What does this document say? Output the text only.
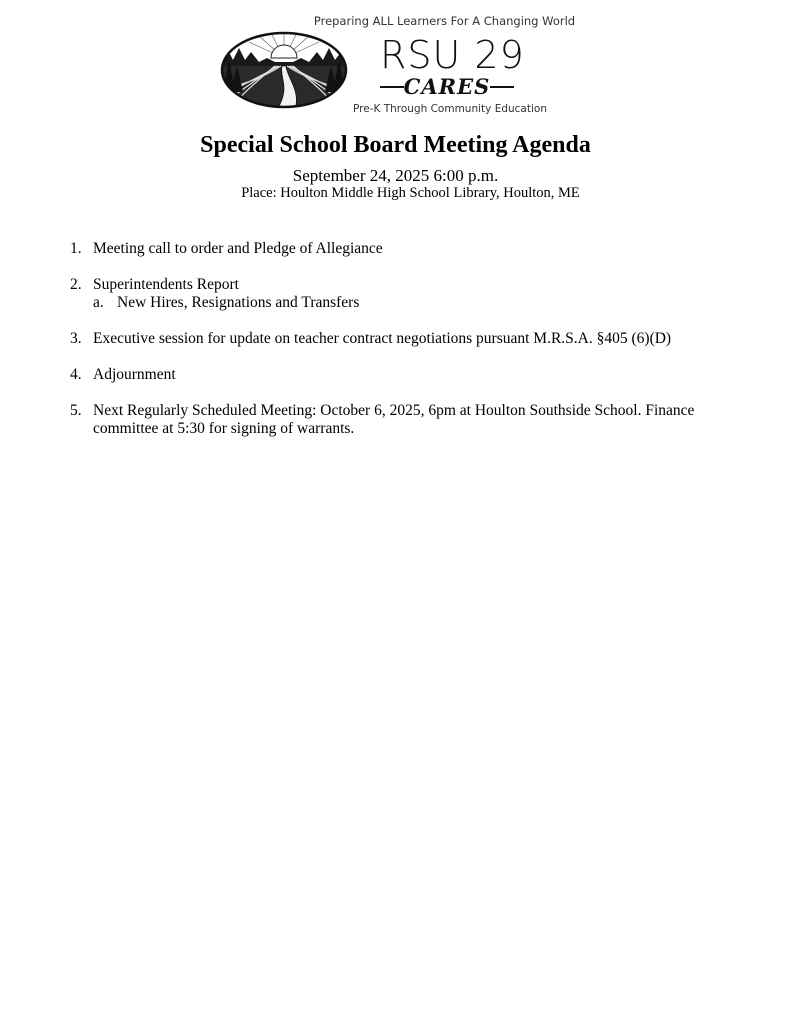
Preparing ALL Learners For A Changing World
RSU 29
CARES
Pre-K Through Community Education
Special School Board Meeting Agenda
September 24, 2025 6:00 p.m.
Place: Houlton Middle High School Library, Houlton, ME
1. Meeting call to order and Pledge of Allegiance
2. Superintendents Report
a. New Hires, Resignations and Transfers
3. Executive session for update on teacher contract negotiations pursuant M.R.S.A. §405 (6)(D)
4. Adjournment
5. Next Regularly Scheduled Meeting: October 6, 2025, 6pm at Houlton Southside School. Finance committee at 5:30 for signing of warrants.
